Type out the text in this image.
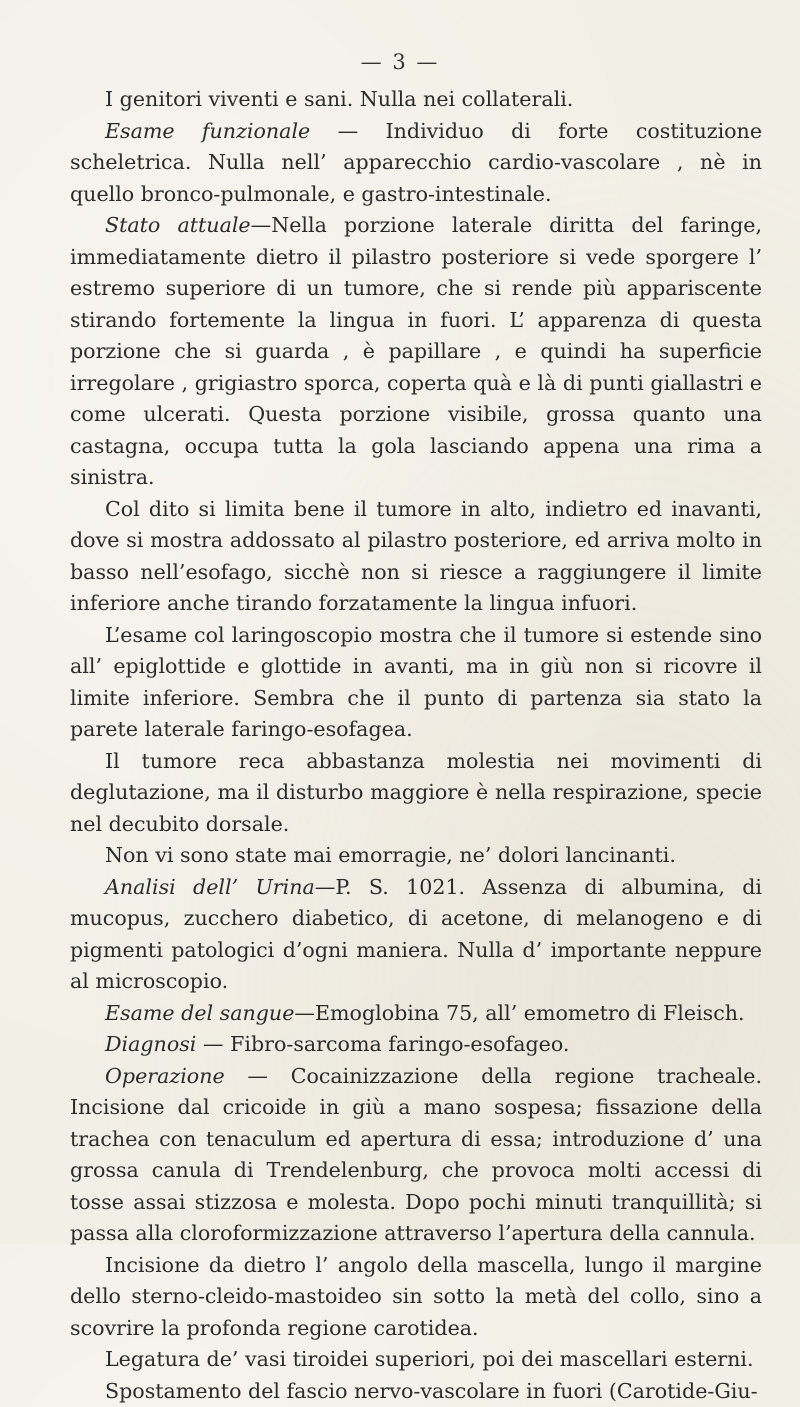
— 3 —

I genitori viventi e sani. Nulla nei collaterali.

Esame funzionale — Individuo di forte costituzione scheletrica. Nulla nell’ apparecchio cardio-vascolare , nè in quello bronco-pulmonale, e gastro-intestinale.

Stato attuale—Nella porzione laterale diritta del faringe, immediatamente dietro il pilastro posteriore si vede sporgere l’ estremo superiore di un tumore, che si rende più appariscente stirando fortemente la lingua in fuori. L’ apparenza di questa porzione che si guarda , è papillare , e quindi ha superficie irregolare , grigiastro sporca, coperta quà e là di punti giallastri e come ulcerati. Questa porzione visibile, grossa quanto una castagna, occupa tutta la gola lasciando appena una rima a sinistra.

Col dito si limita bene il tumore in alto, indietro ed inavanti, dove si mostra addossato al pilastro posteriore, ed arriva molto in basso nell’esofago, sicchè non si riesce a raggiungere il limite inferiore anche tirando forzatamente la lingua infuori.

L’esame col laringoscopio mostra che il tumore si estende sino all’ epiglottide e glottide in avanti, ma in giù non si ricovre il limite inferiore. Sembra che il punto di partenza sia stato la parete laterale faringo-esofagea.

Il tumore reca abbastanza molestia nei movimenti di deglutazione, ma il disturbo maggiore è nella respirazione, specie nel decubito dorsale.

Non vi sono state mai emorragie, ne’ dolori lancinanti.

Analisi dell’ Urina—P. S. 1021. Assenza di albumina, di mucopus, zucchero diabetico, di acetone, di melanogeno e di pigmenti patologici d’ogni maniera. Nulla d’ importante neppure al microscopio.

Esame del sangue—Emoglobina 75, all’ emometro di Fleisch.

Diagnosi — Fibro-sarcoma faringo-esofageo.

Operazione — Cocainizzazione della regione tracheale. Incisione dal cricoide in giù a mano sospesa; fissazione della trachea con tenaculum ed apertura di essa; introduzione d’ una grossa canula di Trendelenburg, che provoca molti accessi di tosse assai stizzosa e molesta. Dopo pochi minuti tranquillità; si passa alla cloroformizzazione attraverso l’apertura della cannula.

Incisione da dietro l’ angolo della mascella, lungo il margine dello sterno-cleido-mastoideo sin sotto la metà del collo, sino a scovrire la profonda regione carotidea.

Legatura de’ vasi tiroidei superiori, poi dei mascellari esterni.

Spostamento del fascio nervo-vascolare in fuori (Carotide-Giu-
